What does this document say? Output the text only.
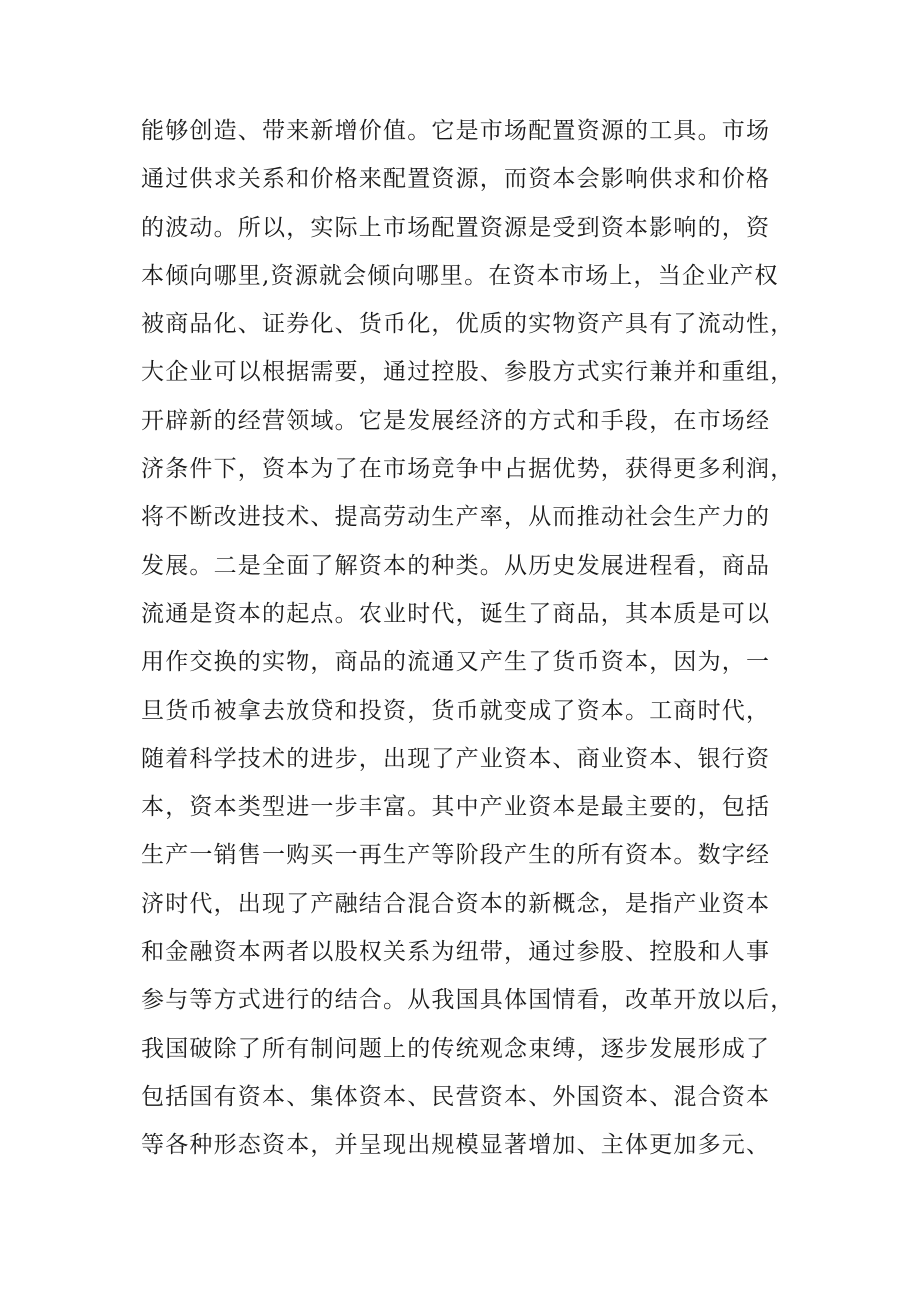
能够创造、带来新增价值。它是市场配置资源的工具。市场
通过供求关系和价格来配置资源，而资本会影响供求和价格
的波动。所以，实际上市场配置资源是受到资本影响的，资
本倾向哪里,资源就会倾向哪里。在资本市场上，当企业产权
被商品化、证券化、货币化，优质的实物资产具有了流动性，
大企业可以根据需要，通过控股、参股方式实行兼并和重组，
开辟新的经营领域。它是发展经济的方式和手段，在市场经
济条件下，资本为了在市场竞争中占据优势，获得更多利润，
将不断改进技术、提高劳动生产率，从而推动社会生产力的
发展。二是全面了解资本的种类。从历史发展进程看，商品
流通是资本的起点。农业时代，诞生了商品，其本质是可以
用作交换的实物，商品的流通又产生了货币资本，因为，一
旦货币被拿去放贷和投资，货币就变成了资本。工商时代，
随着科学技术的进步，出现了产业资本、商业资本、银行资
本，资本类型进一步丰富。其中产业资本是最主要的，包括
生产一销售一购买一再生产等阶段产生的所有资本。数字经
济时代，出现了产融结合混合资本的新概念，是指产业资本
和金融资本两者以股权关系为纽带，通过参股、控股和人事
参与等方式进行的结合。从我国具体国情看，改革开放以后，
我国破除了所有制问题上的传统观念束缚，逐步发展形成了
包括国有资本、集体资本、民营资本、外国资本、混合资本
等各种形态资本，并呈现出规模显著增加、主体更加多元、
